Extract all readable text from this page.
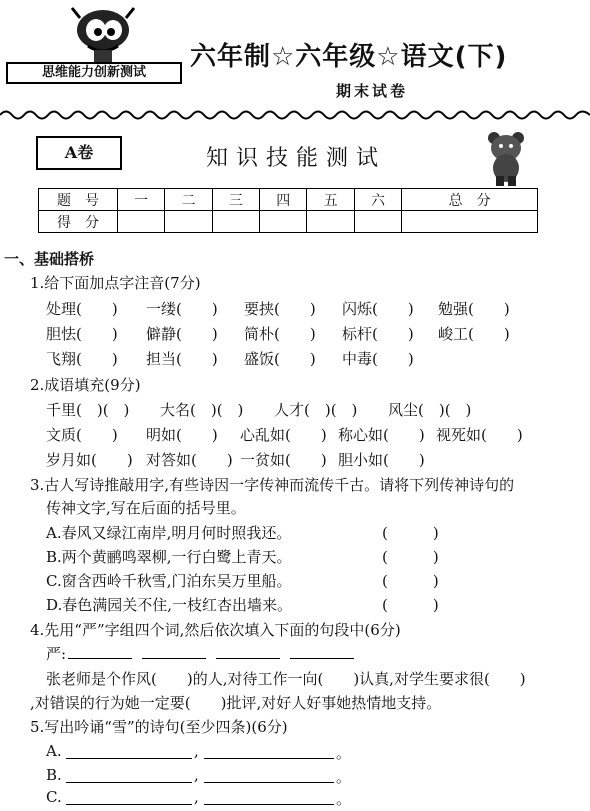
思维能力创新测试
六年制☆六年级☆语文(下)
期末试卷
A卷	知识技能测试
题　号	一	二	三	四	五	六	总　分
得　分							
一、基础搭桥
1.给下面加点字注音(7分)
处理(　　) 一缕(　　) 要挟(　　) 闪烁(　　) 勉强(　　)
胆怯(　　) 僻静(　　) 简朴(　　) 标杆(　　) 峻工(　　)
飞翔(　　) 担当(　　) 盛饭(　　) 中毒(　　)
2.成语填充(9分)
千里(　)(　) 大名(　)(　) 人才(　)(　) 风尘(　)(　)
文质(　　) 明如(　　) 心乱如(　　) 称心如(　　) 视死如(　　)
岁月如(　　) 对答如(　　) 一贫如(　　) 胆小如(　　)
3.古人写诗推敲用字,有些诗因一字传神而流传千古。请将下列传神诗句的
传神文字,写在后面的括号里。
A.春风又绿江南岸,明月何时照我还。	(　　　)
B.两个黄鹂鸣翠柳,一行白鹭上青天。	(　　　)
C.窗含西岭千秋雪,门泊东吴万里船。	(　　　)
D.春色满园关不住,一枝红杏出墙来。	(　　　)
4.先用“严”字组四个词,然后依次填入下面的句段中(6分)
严:
张老师是个作风(　　)的人,对待工作一向(　　)认真,对学生要求很(　　)
,对错误的行为她一定要(　　)批评,对好人好事她热情地支持。
5.写出吟诵“雪”的诗句(至少四条)(6分)
A.	,	。
B.	,	。
C.	,	。
